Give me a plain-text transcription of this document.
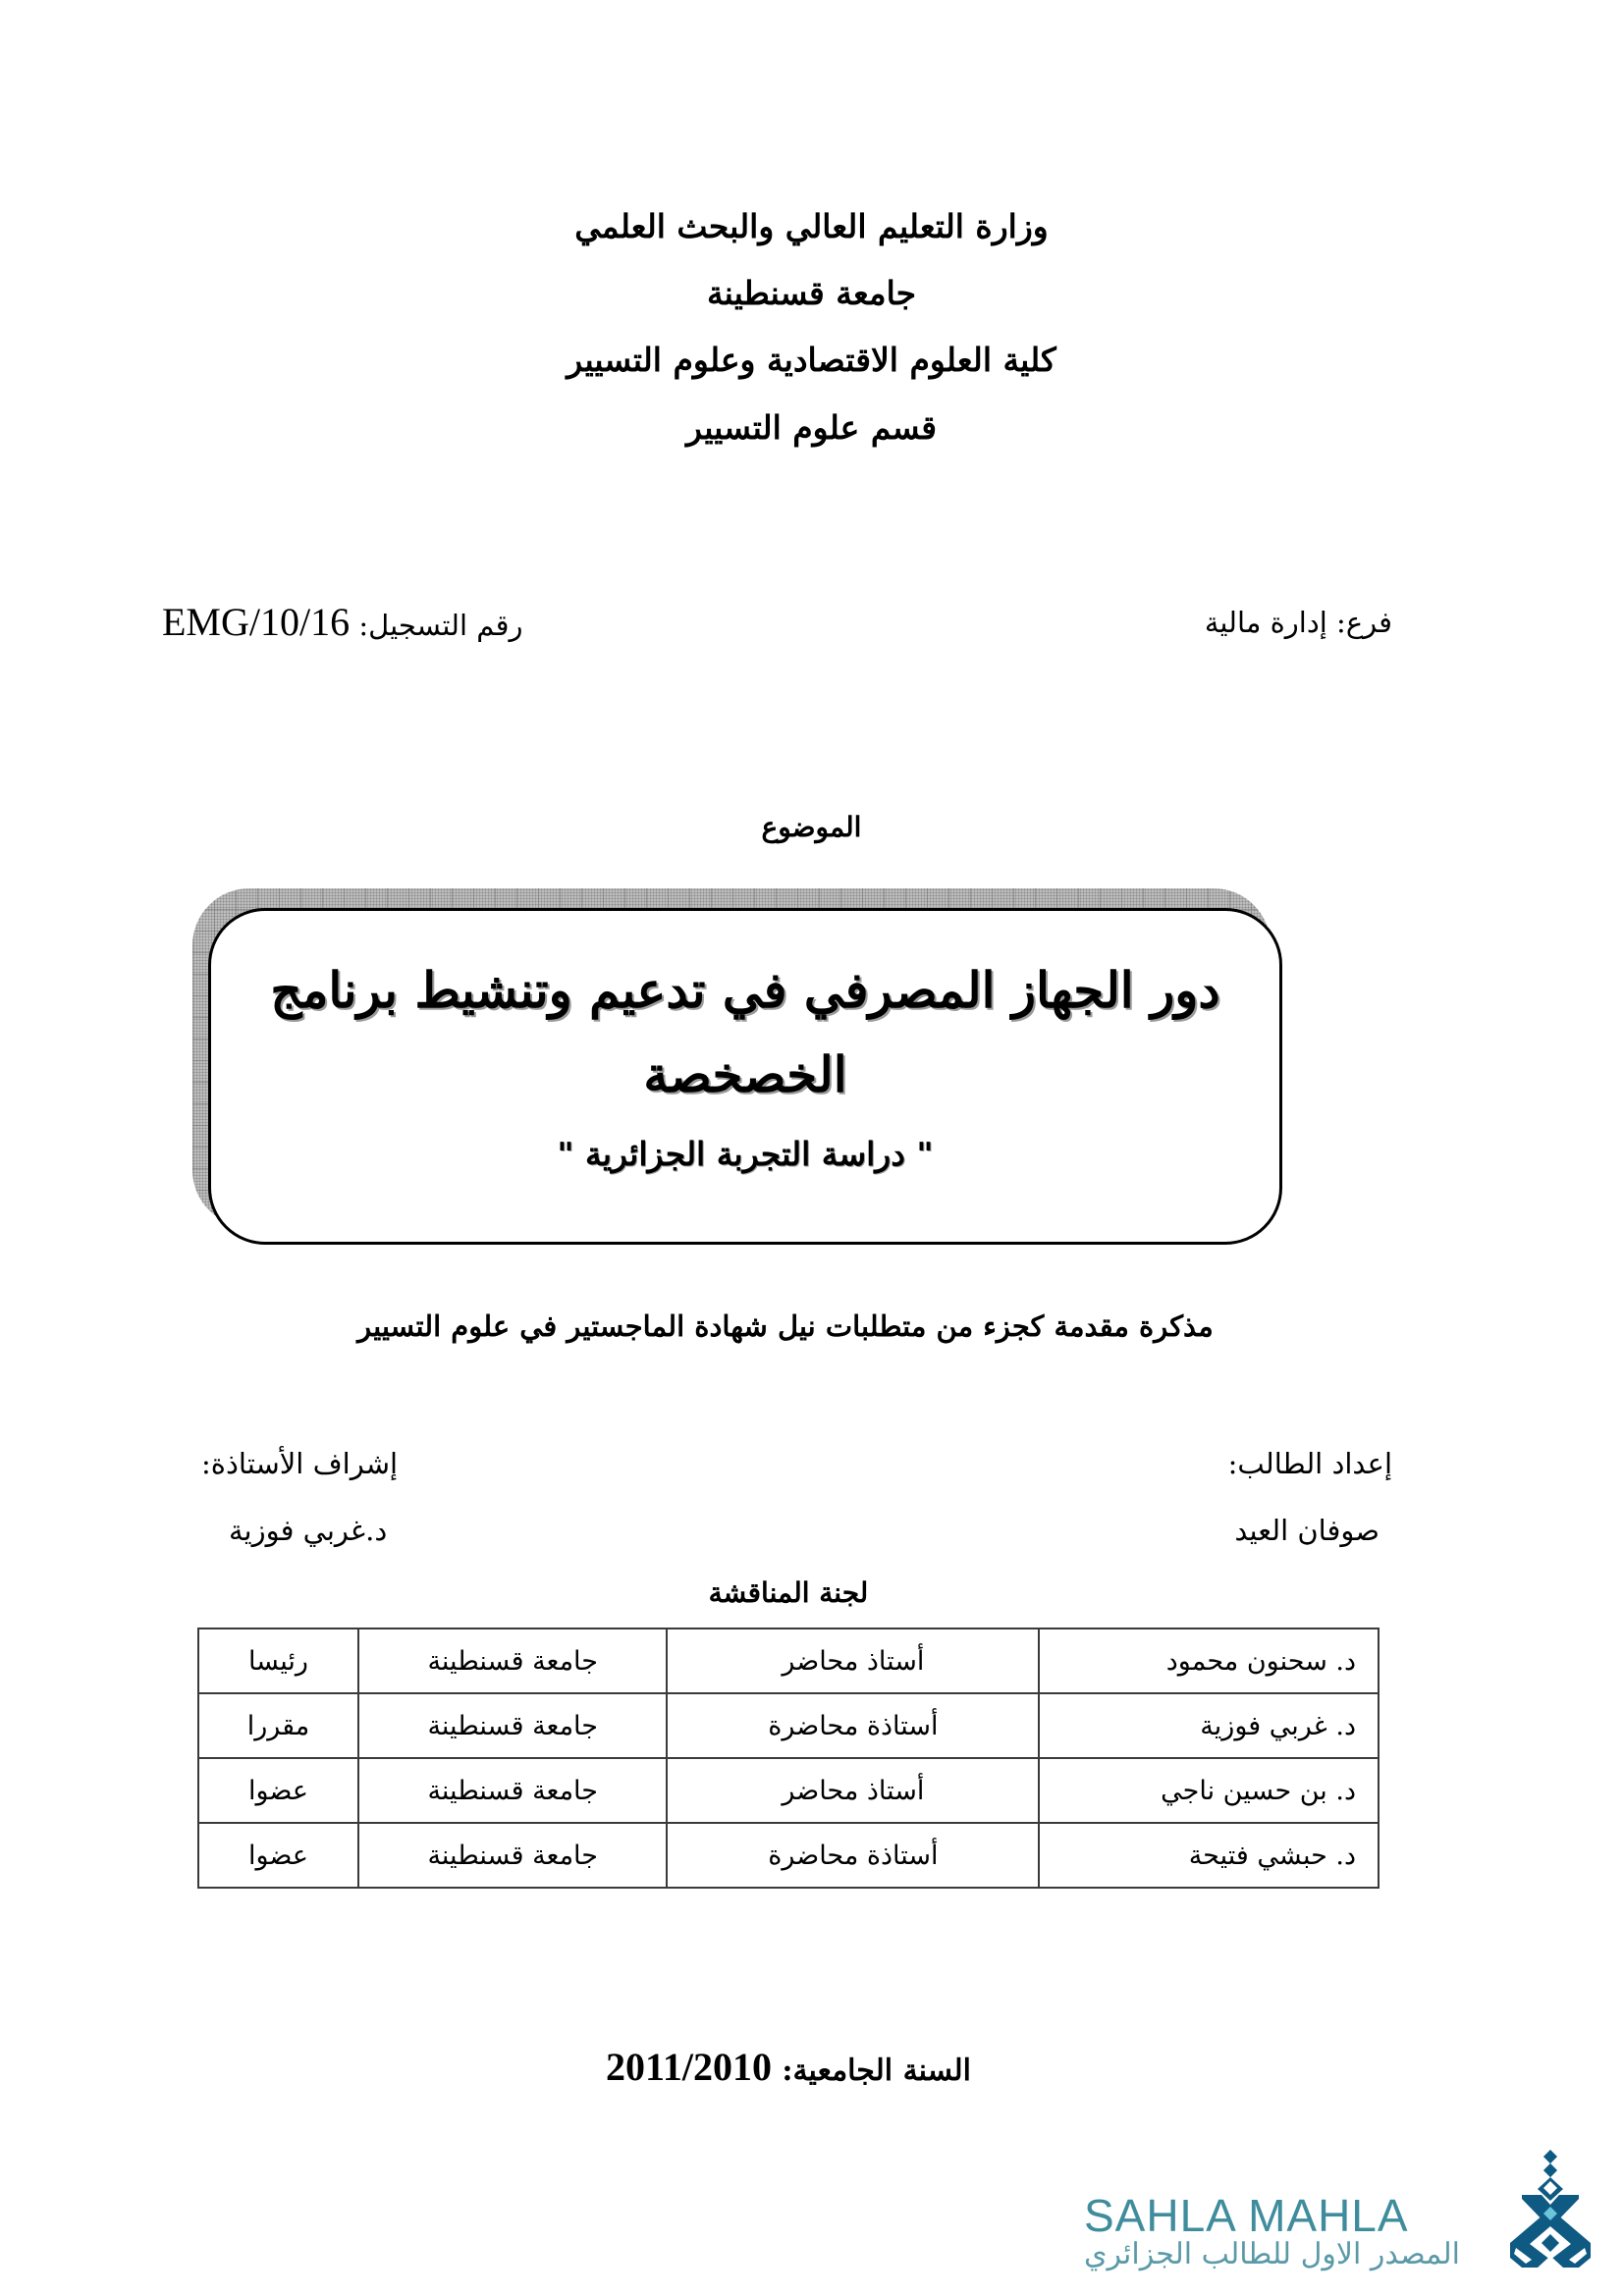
وزارة التعليم العالي والبحث العلمي
جامعة قسنطينة
كلية العلوم الاقتصادية وعلوم التسيير
قسم علوم التسيير
فرع: إدارة مالية
رقم التسجيل: 16/EMG/10
الموضوع
دور الجهاز المصرفي في تدعيم وتنشيط برنامج
الخصخصة
" دراسة التجربة الجزائرية "
مذكرة مقدمة كجزء من متطلبات نيل شهادة الماجستير في علوم التسيير
إعداد الطالب:
صوفان العيد
إشراف الأستاذة:
د.غربي فوزية
لجنة المناقشة
د. سحنون محمود	أستاذ محاضر	جامعة قسنطينة	رئيسا
د. غربي فوزية	أستاذة محاضرة	جامعة قسنطينة	مقررا
د. بن حسين ناجي	أستاذ محاضر	جامعة قسنطينة	عضوا
د. حبشي فتيحة	أستاذة محاضرة	جامعة قسنطينة	عضوا
السنة الجامعية: 2011/2010
SAHLA MAHLA
المصدر الاول للطالب الجزائري
